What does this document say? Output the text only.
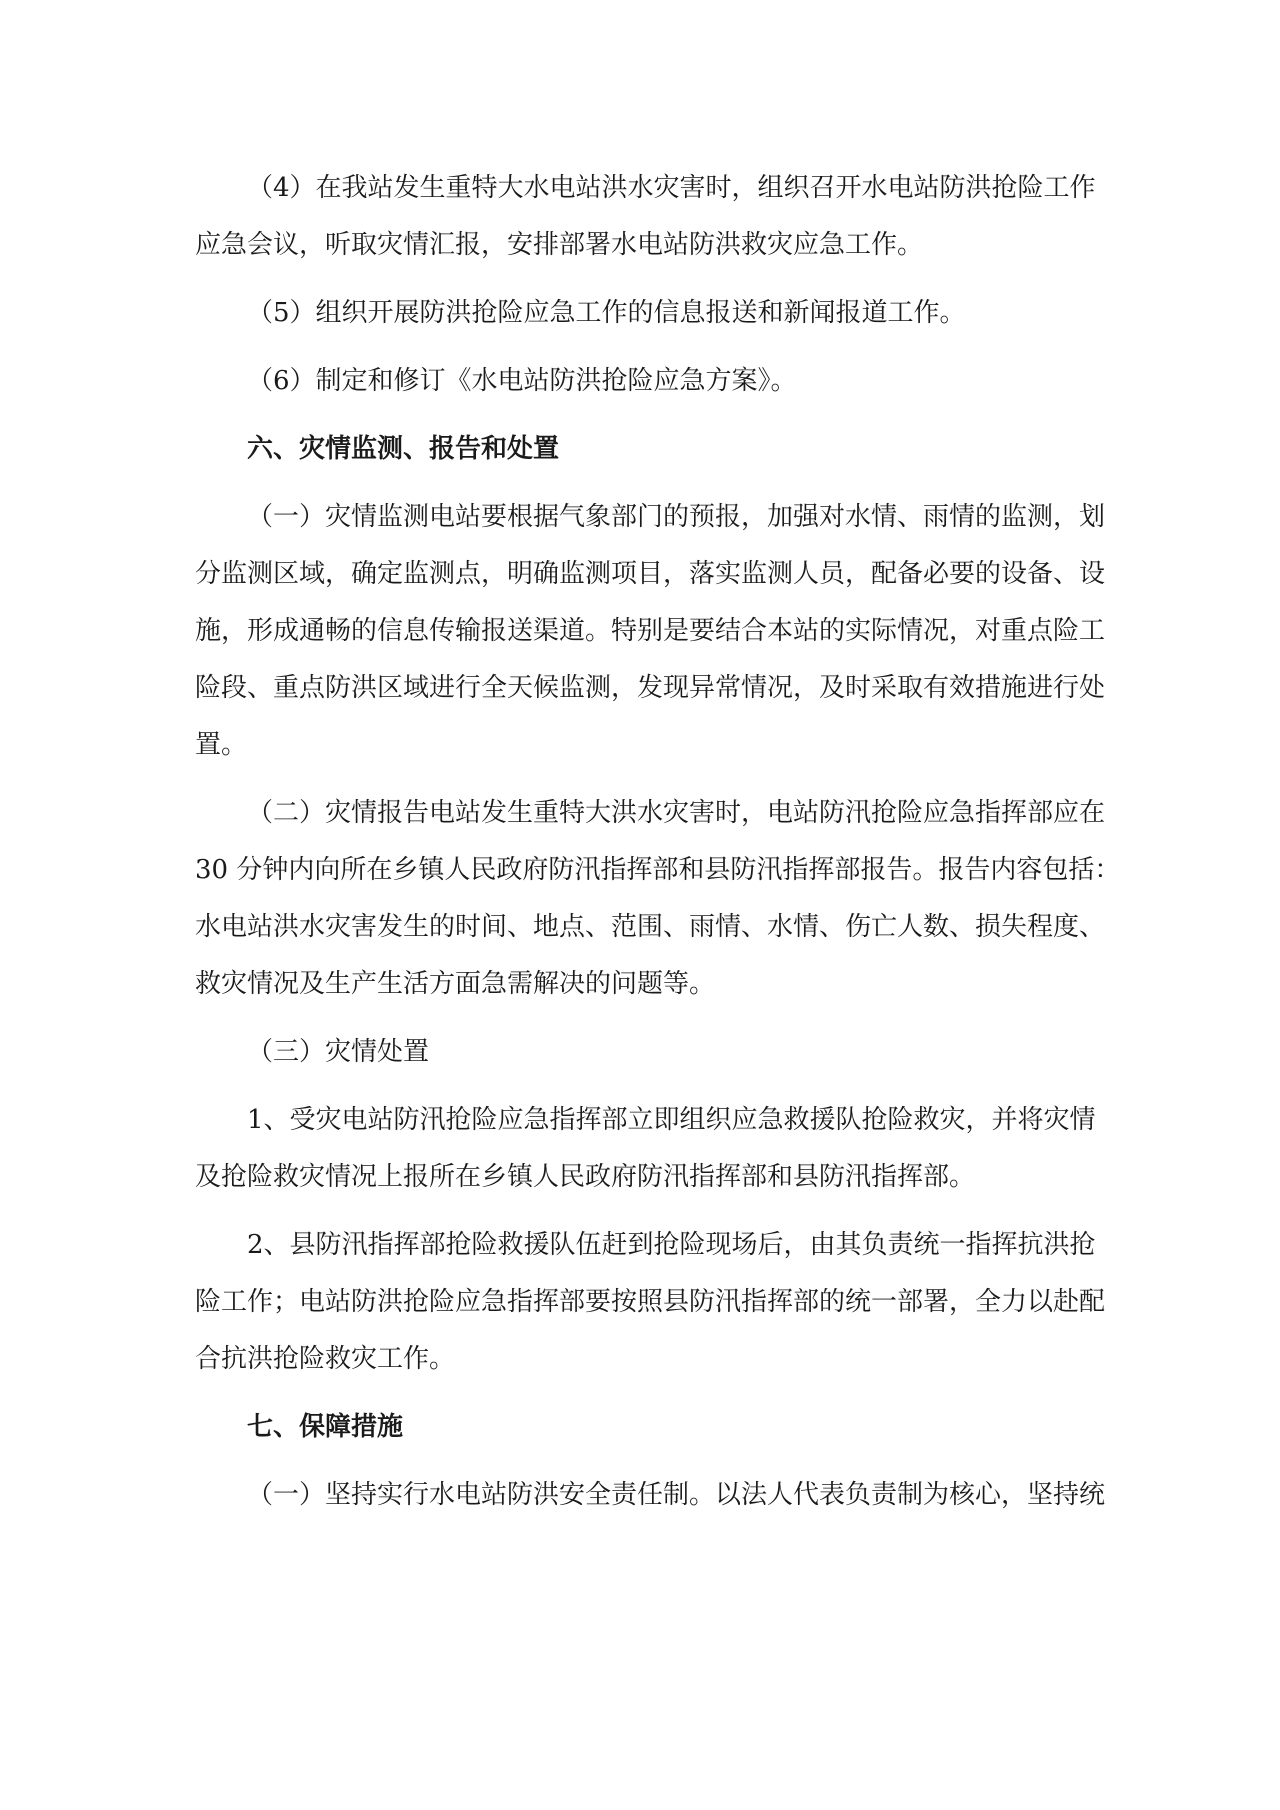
（4）在我站发生重特大水电站洪水灾害时，组织召开水电站防洪抢险工作
应急会议，听取灾情汇报，安排部署水电站防洪救灾应急工作。
（5）组织开展防洪抢险应急工作的信息报送和新闻报道工作。
（6）制定和修订《水电站防洪抢险应急方案》。
六、灾情监测、报告和处置
（一）灾情监测电站要根据气象部门的预报，加强对水情、雨情的监测，划
分监测区域，确定监测点，明确监测项目，落实监测人员，配备必要的设备、设
施，形成通畅的信息传输报送渠道。特别是要结合本站的实际情况，对重点险工
险段、重点防洪区域进行全天候监测，发现异常情况，及时采取有效措施进行处
置。
（二）灾情报告电站发生重特大洪水灾害时，电站防汛抢险应急指挥部应在
30 分钟内向所在乡镇人民政府防汛指挥部和县防汛指挥部报告。报告内容包括：
水电站洪水灾害发生的时间、地点、范围、雨情、水情、伤亡人数、损失程度、
救灾情况及生产生活方面急需解决的问题等。
（三）灾情处置
1、受灾电站防汛抢险应急指挥部立即组织应急救援队抢险救灾，并将灾情
及抢险救灾情况上报所在乡镇人民政府防汛指挥部和县防汛指挥部。
2、县防汛指挥部抢险救援队伍赶到抢险现场后，由其负责统一指挥抗洪抢
险工作；电站防洪抢险应急指挥部要按照县防汛指挥部的统一部署，全力以赴配
合抗洪抢险救灾工作。
七、保障措施
（一）坚持实行水电站防洪安全责任制。以法人代表负责制为核心，坚持统
